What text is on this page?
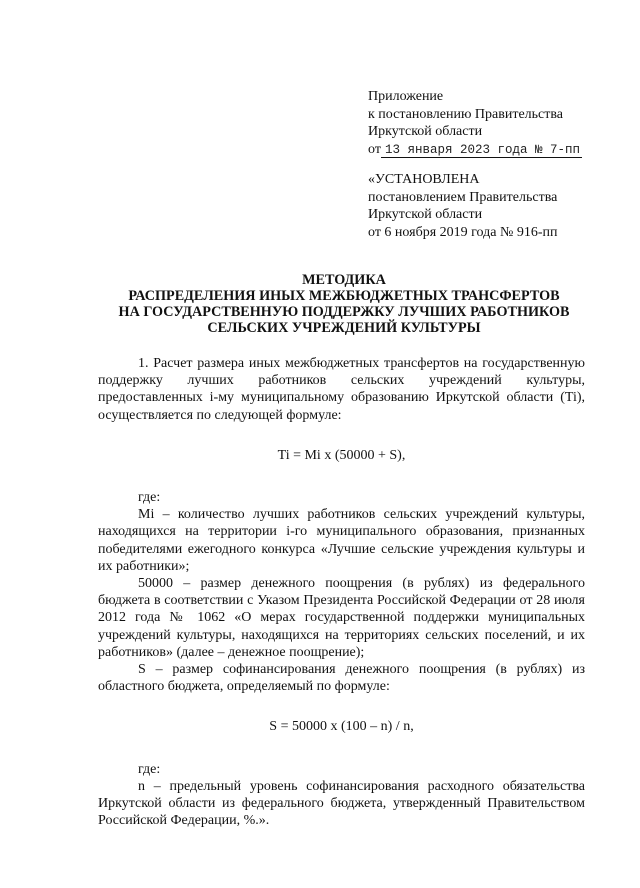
Приложение
к постановлению Правительства
Иркутской области
от 13 января 2023 года № 7-пп
«УСТАНОВЛЕНА
постановлением Правительства
Иркутской области
от 6 ноября 2019 года № 916-пп
МЕТОДИКА
РАСПРЕДЕЛЕНИЯ ИНЫХ МЕЖБЮДЖЕТНЫХ ТРАНСФЕРТОВ
НА ГОСУДАРСТВЕННУЮ ПОДДЕРЖКУ ЛУЧШИХ РАБОТНИКОВ
СЕЛЬСКИХ УЧРЕЖДЕНИЙ КУЛЬТУРЫ

1. Расчет размера иных межбюджетных трансфертов на государственную поддержку лучших работников сельских учреждений культуры, предоставленных i-му муниципальному образованию Иркутской области (Ti), осуществляется по следующей формуле:

Ti = Mi x (50000 + S),

где:

Mi – количество лучших работников сельских учреждений культуры, находящихся на территории i-го муниципального образования, признанных победителями ежегодного конкурса «Лучшие сельские учреждения культуры и их работники»;

50000 – размер денежного поощрения (в рублях) из федерального бюджета в соответствии с Указом Президента Российской Федерации от 28 июля 2012 года № 1062 «О мерах государственной поддержки муниципальных учреждений культуры, находящихся на территориях сельских поселений, и их работников» (далее – денежное поощрение);

S – размер софинансирования денежного поощрения (в рублях) из областного бюджета, определяемый по формуле:

S = 50000 x (100 – n) / n,

где:

n – предельный уровень софинансирования расходного обязательства Иркутской области из федерального бюджета, утвержденный Правительством Российской Федерации, %.».
